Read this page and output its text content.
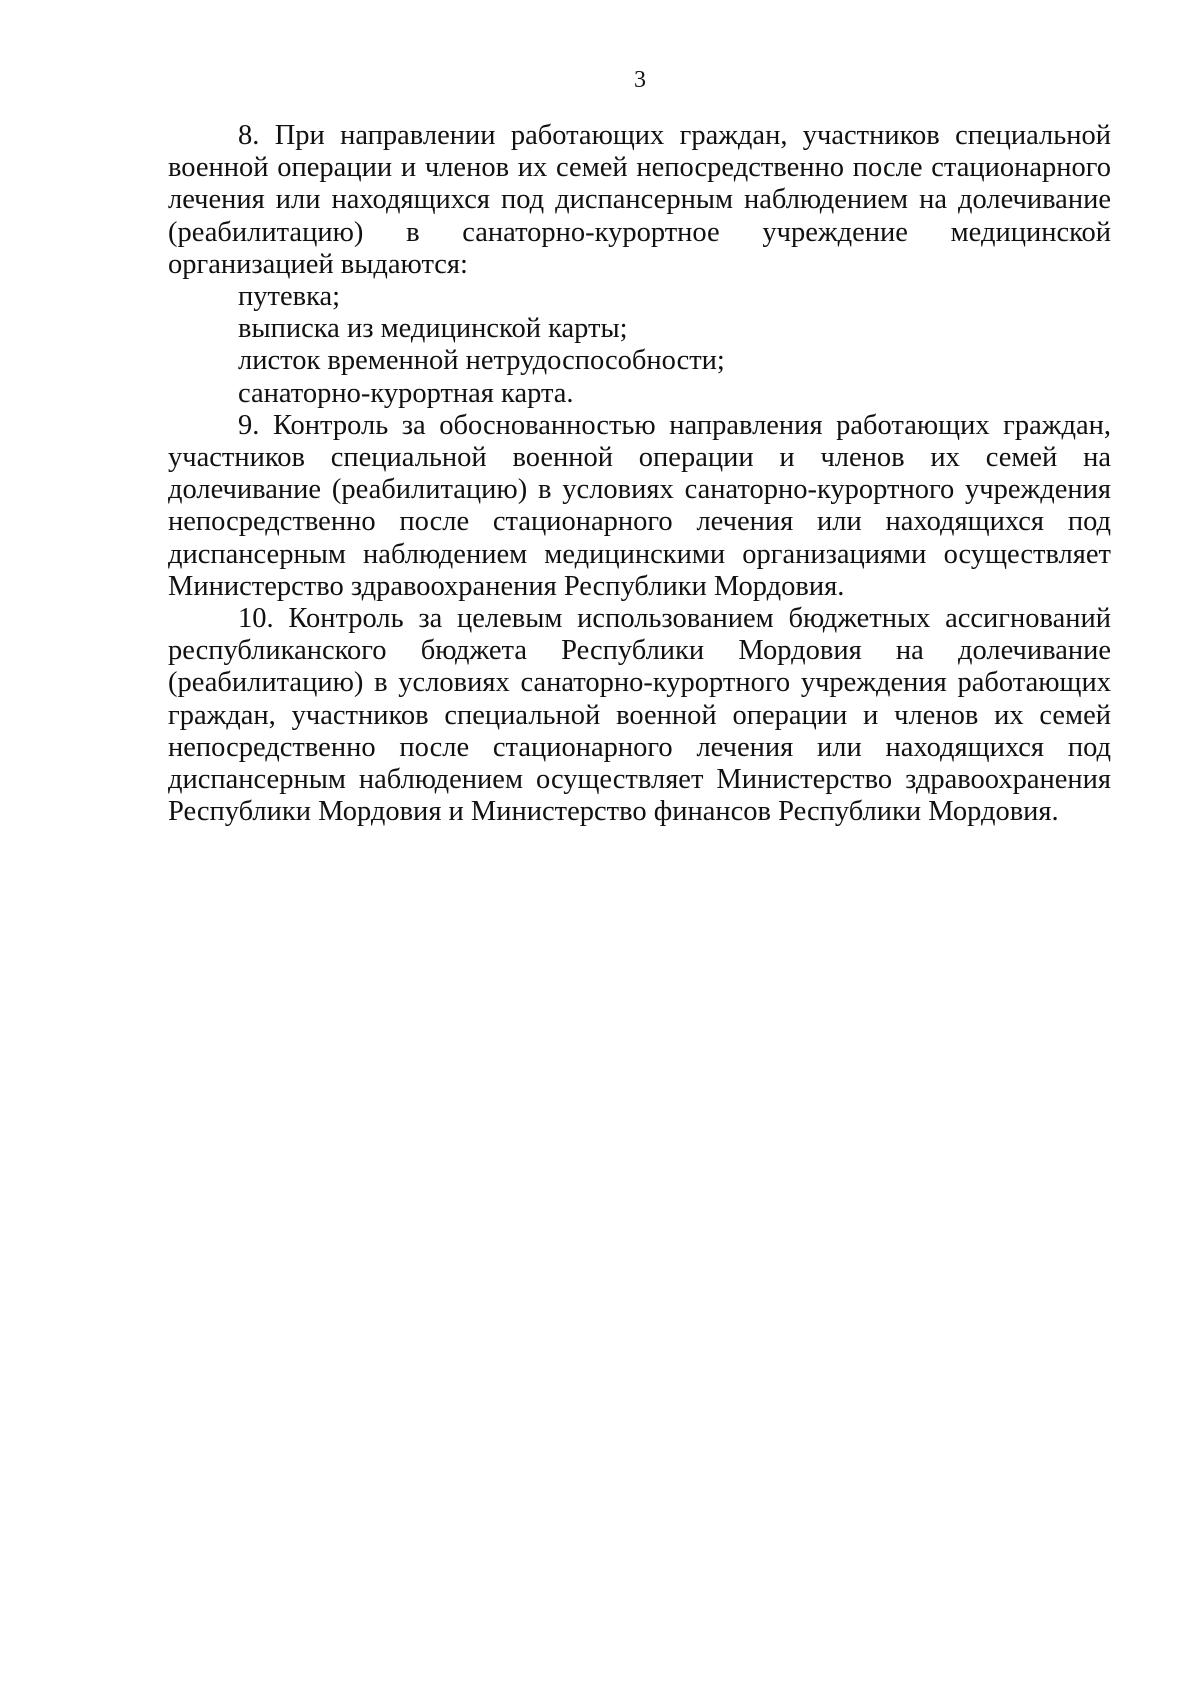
3
8. При направлении работающих граждан, участников специальной
военной операции и членов их семей непосредственно после стационарного
лечения или находящихся под диспансерным наблюдением на долечивание
(реабилитацию) в санаторно-курортное учреждение медицинской
организацией выдаются:
путевка;
выписка из медицинской карты;
листок временной нетрудоспособности;
санаторно-курортная карта.
9. Контроль за обоснованностью направления работающих граждан,
участников специальной военной операции и членов их семей на
долечивание (реабилитацию) в условиях санаторно-курортного учреждения
непосредственно после стационарного лечения или находящихся под
диспансерным наблюдением медицинскими организациями осуществляет
Министерство здравоохранения Республики Мордовия.
10. Контроль за целевым использованием бюджетных ассигнований
республиканского бюджета Республики Мордовия на долечивание
(реабилитацию) в условиях санаторно-курортного учреждения работающих
граждан, участников специальной военной операции и членов их семей
непосредственно после стационарного лечения или находящихся под
диспансерным наблюдением осуществляет Министерство здравоохранения
Республики Мордовия и Министерство финансов Республики Мордовия.
